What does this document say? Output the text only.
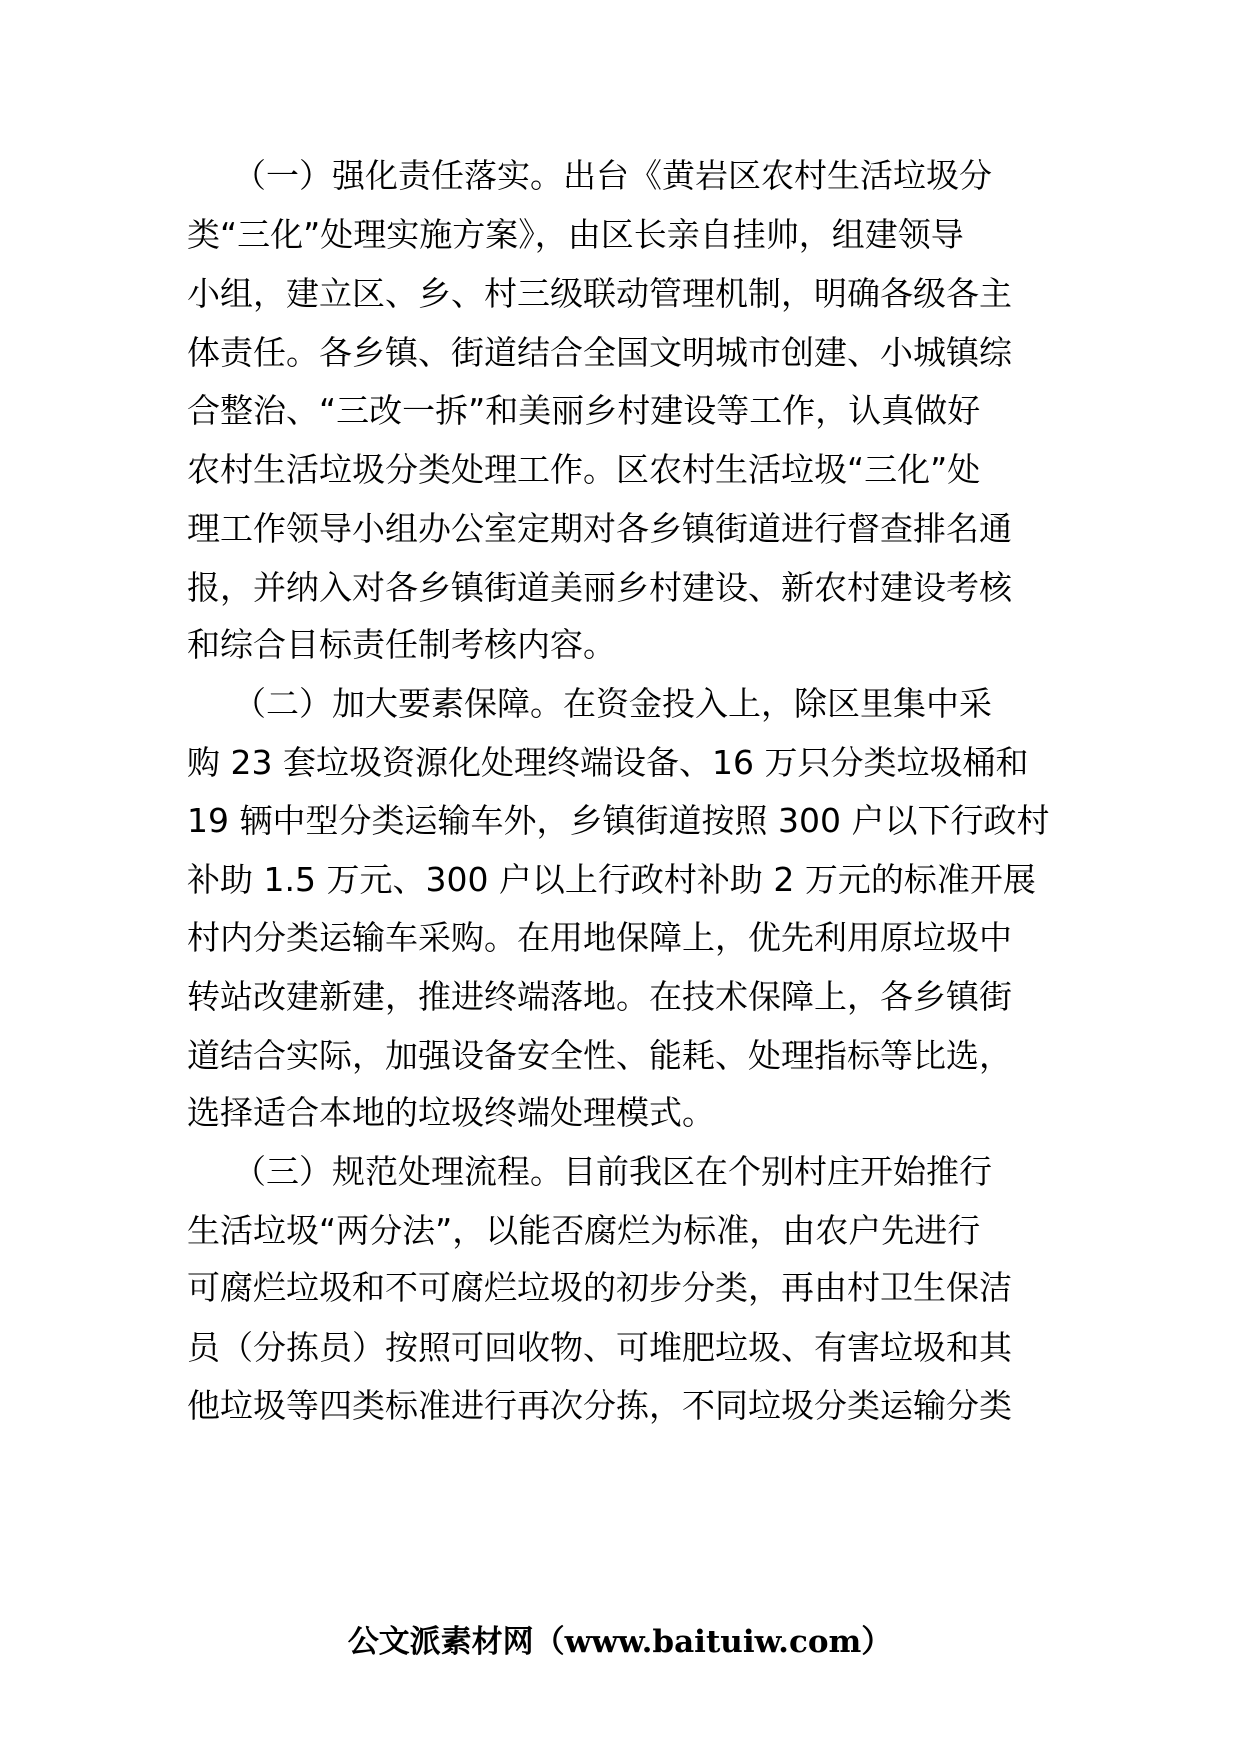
（一）强化责任落实。出台《黄岩区农村生活垃圾分
类“三化”处理实施方案》，由区长亲自挂帅，组建领导
小组，建立区、乡、村三级联动管理机制，明确各级各主
体责任。各乡镇、街道结合全国文明城市创建、小城镇综
合整治、“三改一拆”和美丽乡村建设等工作，认真做好
农村生活垃圾分类处理工作。区农村生活垃圾“三化”处
理工作领导小组办公室定期对各乡镇街道进行督查排名通
报，并纳入对各乡镇街道美丽乡村建设、新农村建设考核
和综合目标责任制考核内容。
（二）加大要素保障。在资金投入上，除区里集中采
购 23 套垃圾资源化处理终端设备、16 万只分类垃圾桶和
19 辆中型分类运输车外，乡镇街道按照 300 户以下行政村
补助 1.5 万元、300 户以上行政村补助 2 万元的标准开展
村内分类运输车采购。在用地保障上，优先利用原垃圾中
转站改建新建，推进终端落地。在技术保障上，各乡镇街
道结合实际，加强设备安全性、能耗、处理指标等比选，
选择适合本地的垃圾终端处理模式。
（三）规范处理流程。目前我区在个别村庄开始推行
生活垃圾“两分法”，以能否腐烂为标准，由农户先进行
可腐烂垃圾和不可腐烂垃圾的初步分类，再由村卫生保洁
员（分拣员）按照可回收物、可堆肥垃圾、有害垃圾和其
他垃圾等四类标准进行再次分拣，不同垃圾分类运输分类
公文派素材网（www.baituiw.com）
